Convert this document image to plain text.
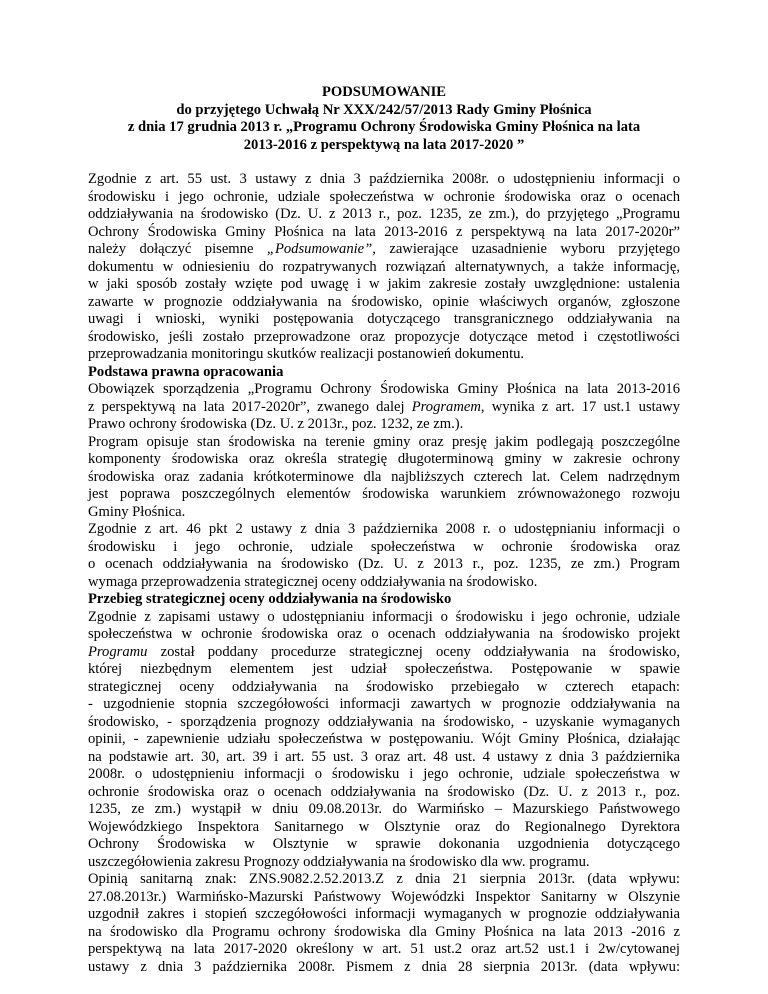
PODSUMOWANIE
do przyjętego Uchwałą Nr XXX/242/57/2013 Rady Gminy Płośnica
z dnia 17 grudnia 2013 r. „Programu Ochrony Środowiska Gminy Płośnica na lata
2013-2016 z perspektywą na lata 2017-2020 ”
Zgodnie z art. 55 ust. 3 ustawy z dnia 3 października 2008r. o udostępnieniu informacji o
środowisku i jego ochronie, udziale społeczeństwa w ochronie środowiska oraz o ocenach
oddziaływania na środowisko (Dz. U. z 2013 r., poz. 1235, ze zm.), do przyjętego „Programu
Ochrony Środowiska Gminy Płośnica na lata 2013-2016 z perspektywą na lata 2017-2020r”
należy dołączyć pisemne „Podsumowanie”, zawierające uzasadnienie wyboru przyjętego
dokumentu w odniesieniu do rozpatrywanych rozwiązań alternatywnych, a także informację,
w jaki sposób zostały wzięte pod uwagę i w jakim zakresie zostały uwzględnione: ustalenia
zawarte w prognozie oddziaływania na środowisko, opinie właściwych organów, zgłoszone
uwagi i wnioski, wyniki postępowania dotyczącego transgranicznego oddziaływania na
środowisko, jeśli zostało przeprowadzone oraz propozycje dotyczące metod i częstotliwości
przeprowadzania monitoringu skutków realizacji postanowień dokumentu.
Podstawa prawna opracowania
Obowiązek sporządzenia „Programu Ochrony Środowiska Gminy Płośnica na lata 2013-2016
z perspektywą na lata 2017-2020r”, zwanego dalej Programem, wynika z art. 17 ust.1 ustawy
Prawo ochrony środowiska (Dz. U. z 2013r., poz. 1232, ze zm.).
Program opisuje stan środowiska na terenie gminy oraz presję jakim podlegają poszczególne
komponenty środowiska oraz określa strategię długoterminową gminy w zakresie ochrony
środowiska oraz zadania krótkoterminowe dla najbliższych czterech lat. Celem nadrzędnym
jest poprawa poszczególnych elementów środowiska warunkiem zrównoważonego rozwoju
Gminy Płośnica.
Zgodnie z art. 46 pkt 2 ustawy z dnia 3 października 2008 r. o udostępnianiu informacji o
środowisku i jego ochronie, udziale społeczeństwa w ochronie środowiska oraz
o ocenach oddziaływania na środowisko (Dz. U. z 2013 r., poz. 1235, ze zm.) Program
wymaga przeprowadzenia strategicznej oceny oddziaływania na środowisko.
Przebieg strategicznej oceny oddziaływania na środowisko
Zgodnie z zapisami ustawy o udostępnianiu informacji o środowisku i jego ochronie, udziale
społeczeństwa w ochronie środowiska oraz o ocenach oddziaływania na środowisko projekt
Programu został poddany procedurze strategicznej oceny oddziaływania na środowisko,
której niezbędnym elementem jest udział społeczeństwa. Postępowanie w spawie
strategicznej oceny oddziaływania na środowisko przebiegało w czterech etapach:
- uzgodnienie stopnia szczegółowości informacji zawartych w prognozie oddziaływania na
środowisko, - sporządzenia prognozy oddziaływania na środowisko, - uzyskanie wymaganych
opinii, - zapewnienie udziału społeczeństwa w postępowaniu. Wójt Gminy Płośnica, działając
na podstawie art. 30, art. 39 i art. 55 ust. 3 oraz art. 48 ust. 4 ustawy z dnia 3 października
2008r. o udostępnieniu informacji o środowisku i jego ochronie, udziale społeczeństwa w
ochronie środowiska oraz o ocenach oddziaływania na środowisko (Dz. U. z 2013 r., poz.
1235, ze zm.) wystąpił w dniu 09.08.2013r. do Warmińsko – Mazurskiego Państwowego
Wojewódzkiego Inspektora Sanitarnego w Olsztynie oraz do Regionalnego Dyrektora
Ochrony Środowiska w Olsztynie w sprawie dokonania uzgodnienia dotyczącego
uszczegółowienia zakresu Prognozy oddziaływania na środowisko dla ww. programu.
Opinią sanitarną znak: ZNS.9082.2.52.2013.Z z dnia 21 sierpnia 2013r. (data wpływu:
27.08.2013r.) Warmińsko-Mazurski Państwowy Wojewódzki Inspektor Sanitarny w Olszynie
uzgodnił zakres i stopień szczegółowości informacji wymaganych w prognozie oddziaływania
na środowisko dla Programu ochrony środowiska dla Gminy Płośnica na lata 2013 -2016 z
perspektywą na lata 2017-2020 określony w art. 51 ust.2 oraz art.52 ust.1 i 2w/cytowanej
ustawy z dnia 3 października 2008r. Pismem z dnia 28 sierpnia 2013r. (data wpływu:
